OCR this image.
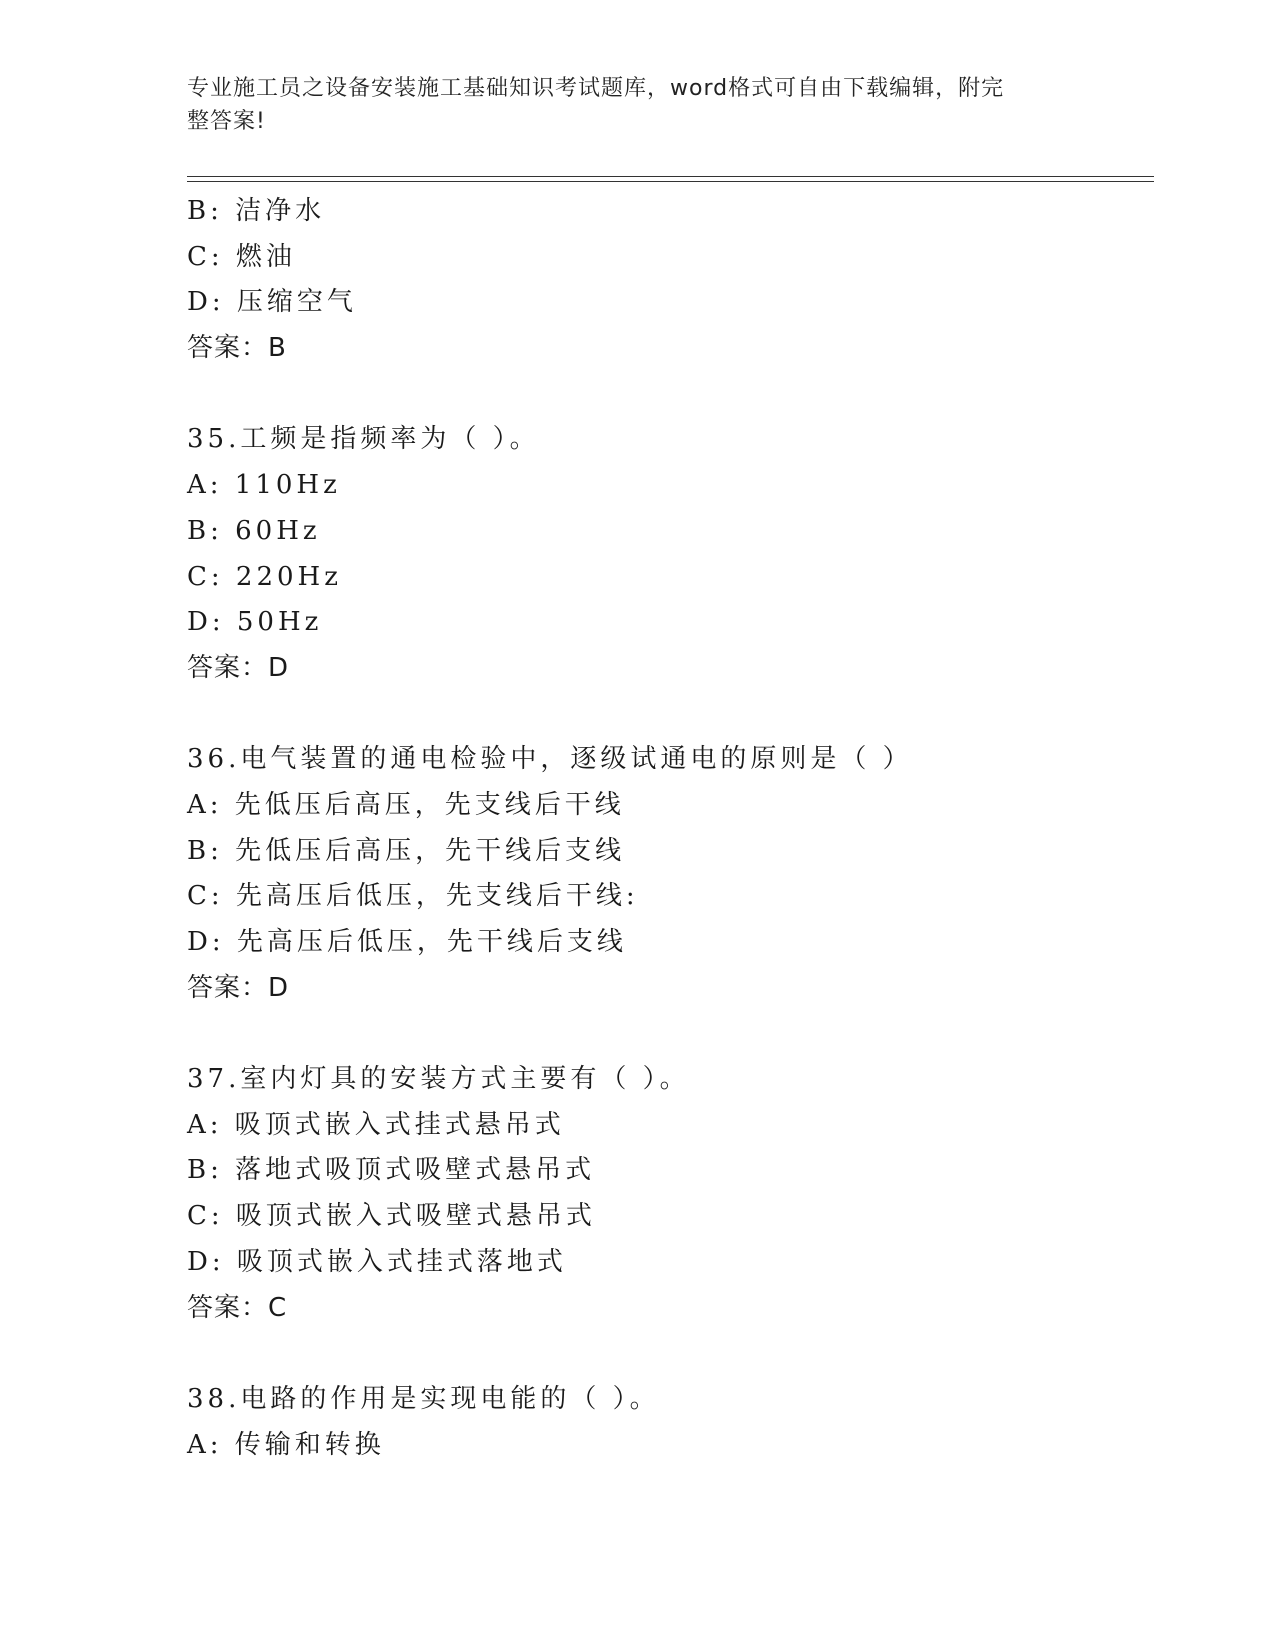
专业施工员之设备安装施工基础知识考试题库，word格式可自由下载编辑，附完
整答案!
B: 洁净水
C: 燃油
D: 压缩空气
答案：B
35.工频是指频率为（ ）。
A: 110Hz
B: 60Hz
C: 220Hz
D: 50Hz
答案：D
36.电气装置的通电检验中，逐级试通电的原则是（ ）
A: 先低压后高压，先支线后干线
B: 先低压后高压，先干线后支线
C: 先高压后低压，先支线后干线:
D: 先高压后低压，先干线后支线
答案：D
37.室内灯具的安装方式主要有（ ）。
A: 吸顶式嵌入式挂式悬吊式
B: 落地式吸顶式吸壁式悬吊式
C: 吸顶式嵌入式吸壁式悬吊式
D: 吸顶式嵌入式挂式落地式
答案：C
38.电路的作用是实现电能的（ ）。
A: 传输和转换
